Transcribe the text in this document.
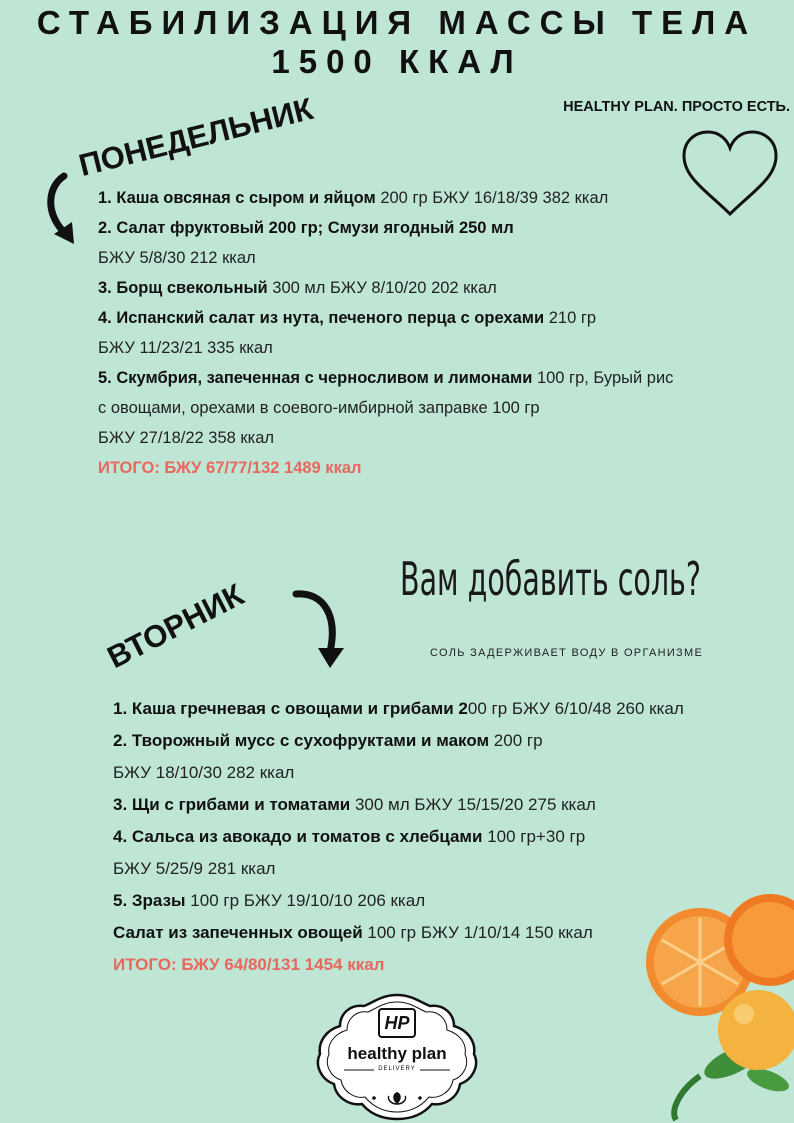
СТАБИЛИЗАЦИЯ МАССЫ ТЕЛА
1500 ККАЛ
HEALTHY PLAN. ПРОСТО ЕСТЬ.
ПОНЕДЕЛЬНИК
1. Каша овсяная с сыром и яйцом 200 гр БЖУ 16/18/39 382 ккал
2. Салат фруктовый 200 гр; Смузи ягодный 250 мл
БЖУ 5/8/30 212 ккал
3. Борщ свекольный 300 мл БЖУ 8/10/20 202 ккал
4. Испанский салат из нута, печеного перца с орехами 210 гр
БЖУ 11/23/21 335 ккал
5. Скумбрия, запеченная с черносливом и лимонами 100 гр, Бурый рис
с овощами, орехами в соевого-имбирной заправке 100 гр
БЖУ 27/18/22 358 ккал
ИТОГО: БЖУ 67/77/132 1489 ккал
Вам добавить соль?
СОЛЬ ЗАДЕРЖИВАЕТ ВОДУ В ОРГАНИЗМЕ
ВТОРНИК
1. Каша гречневая с овощами и грибами 200 гр БЖУ 6/10/48 260 ккал
2. Творожный мусс с сухофруктами и маком 200 гр
БЖУ 18/10/30 282 ккал
3. Щи с грибами и томатами 300 мл БЖУ 15/15/20 275 ккал
4. Сальса из авокадо и томатов с хлебцами 100 гр+30 гр
БЖУ 5/25/9 281 ккал
5. Зразы 100 гр БЖУ 19/10/10 206 ккал
Салат из запеченных овощей 100 гр БЖУ 1/10/14 150 ккал
ИТОГО: БЖУ 64/80/131 1454 ккал
HP
healthy plan
DELIVERY
